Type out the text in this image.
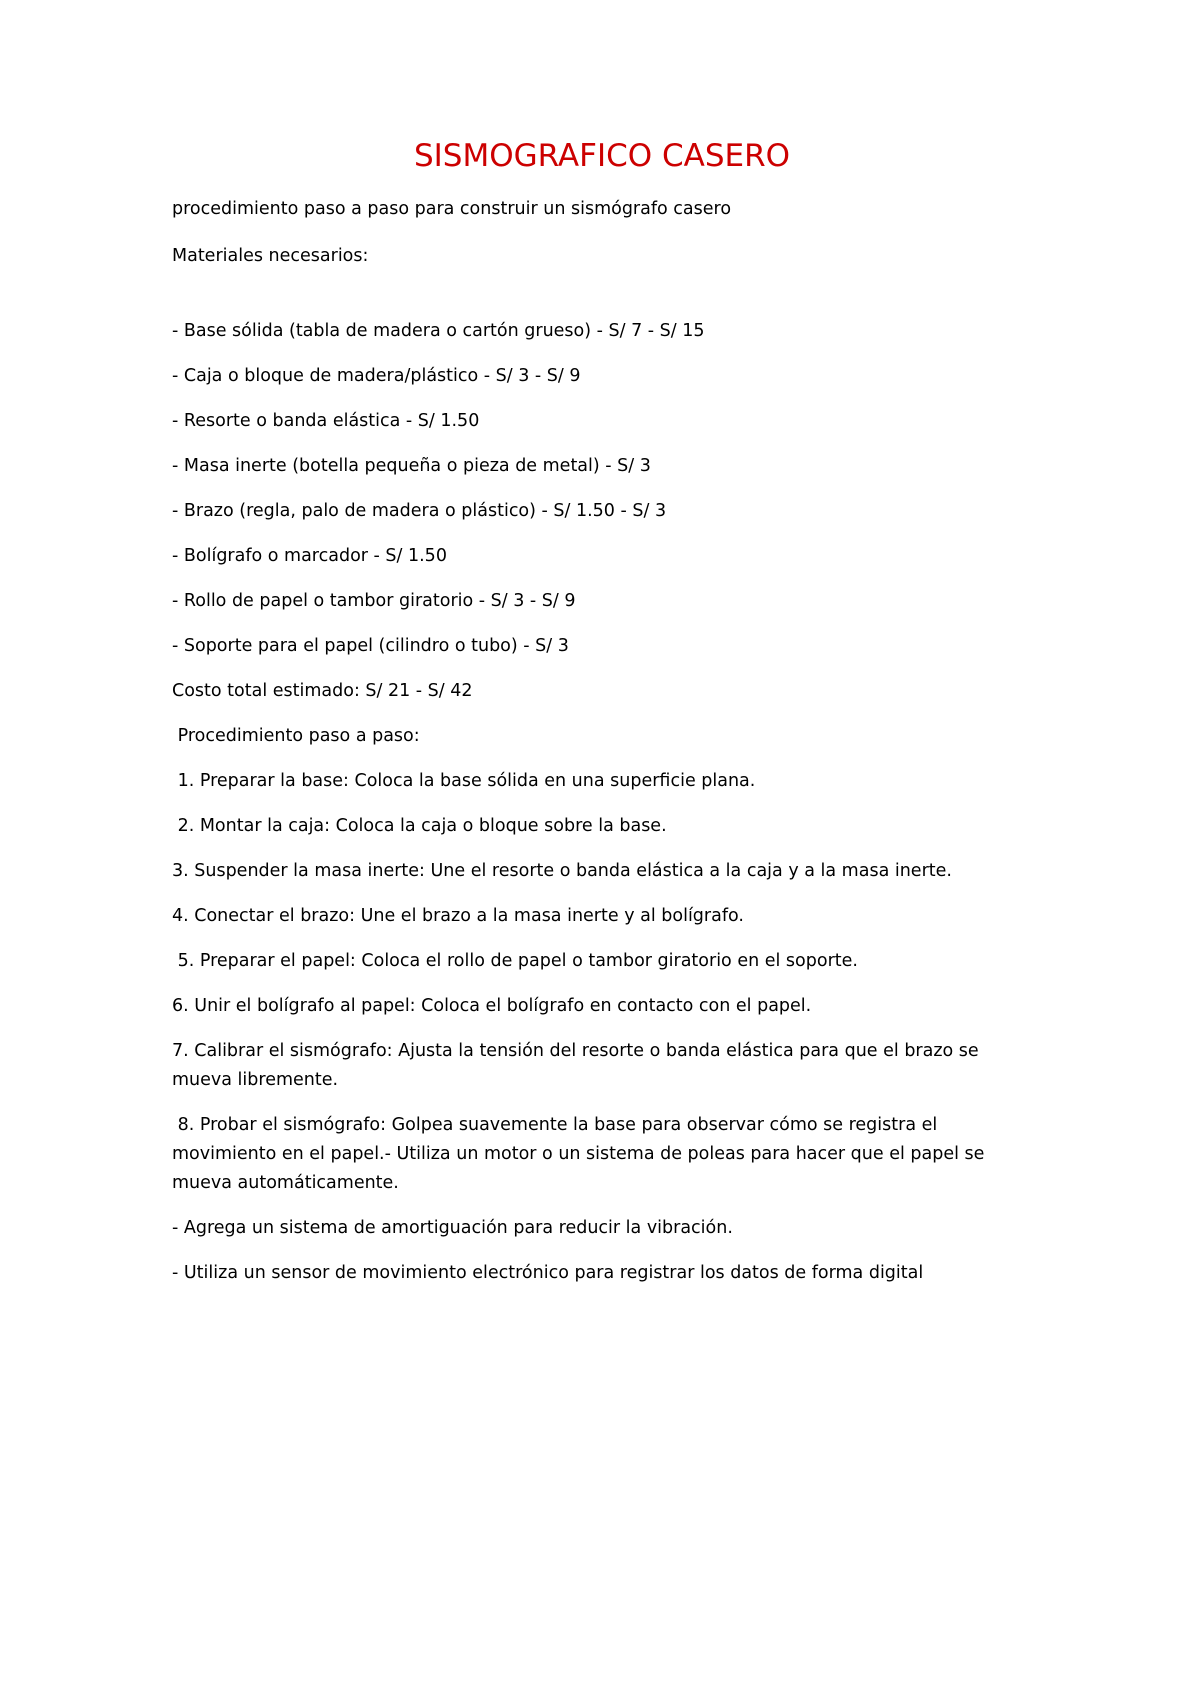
SISMOGRAFICO CASERO

procedimiento paso a paso para construir un sismógrafo casero

Materiales necesarios:

- Base sólida (tabla de madera o cartón grueso) - S/ 7 - S/ 15

- Caja o bloque de madera/plástico - S/ 3 - S/ 9

- Resorte o banda elástica - S/ 1.50

- Masa inerte (botella pequeña o pieza de metal) - S/ 3

- Brazo (regla, palo de madera o plástico) - S/ 1.50 - S/ 3

- Bolígrafo o marcador - S/ 1.50

- Rollo de papel o tambor giratorio - S/ 3 - S/ 9

- Soporte para el papel (cilindro o tubo) - S/ 3

Costo total estimado: S/ 21 - S/ 42

Procedimiento paso a paso:

1. Preparar la base: Coloca la base sólida en una superficie plana.

2. Montar la caja: Coloca la caja o bloque sobre la base.

3. Suspender la masa inerte: Une el resorte o banda elástica a la caja y a la masa inerte.

4. Conectar el brazo: Une el brazo a la masa inerte y al bolígrafo.

5. Preparar el papel: Coloca el rollo de papel o tambor giratorio en el soporte.

6. Unir el bolígrafo al papel: Coloca el bolígrafo en contacto con el papel.

7. Calibrar el sismógrafo: Ajusta la tensión del resorte o banda elástica para que el brazo se mueva libremente.

8. Probar el sismógrafo: Golpea suavemente la base para observar cómo se registra el movimiento en el papel.- Utiliza un motor o un sistema de poleas para hacer que el papel se mueva automáticamente.

- Agrega un sistema de amortiguación para reducir la vibración.

- Utiliza un sensor de movimiento electrónico para registrar los datos de forma digital
